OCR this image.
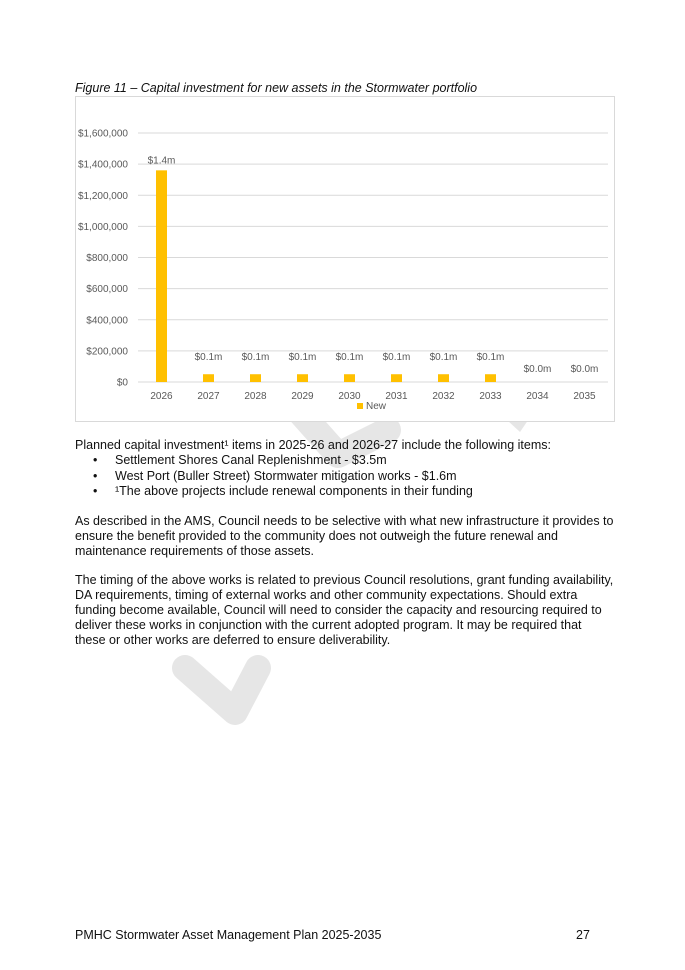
Figure 11 – Capital investment for new assets in the Stormwater portfolio
$0
$200,000
$400,000
$600,000
$800,000
$1,000,000
$1,200,000
$1,400,000
$1,600,000
$1.4m
2026
$0.1m
2027
$0.1m
2028
$0.1m
2029
$0.1m
2030
$0.1m
2031
$0.1m
2032
$0.1m
2033
$0.0m
2034
$0.0m
2035
New
Planned capital investment¹ items in 2025-26 and 2026-27 include the following items:
• Settlement Shores Canal Replenishment - $3.5m
• West Port (Buller Street) Stormwater mitigation works - $1.6m
• ¹The above projects include renewal components in their funding
As described in the AMS, Council needs to be selective with what new infrastructure it provides to ensure the benefit provided to the community does not outweigh the future renewal and maintenance requirements of those assets.
The timing of the above works is related to previous Council resolutions, grant funding availability, DA requirements, timing of external works and other community expectations. Should extra funding become available, Council will need to consider the capacity and resourcing required to deliver these works in conjunction with the current adopted program. It may be required that these or other works are deferred to ensure deliverability.
PMHC Stormwater Asset Management Plan 2025-2035	27
